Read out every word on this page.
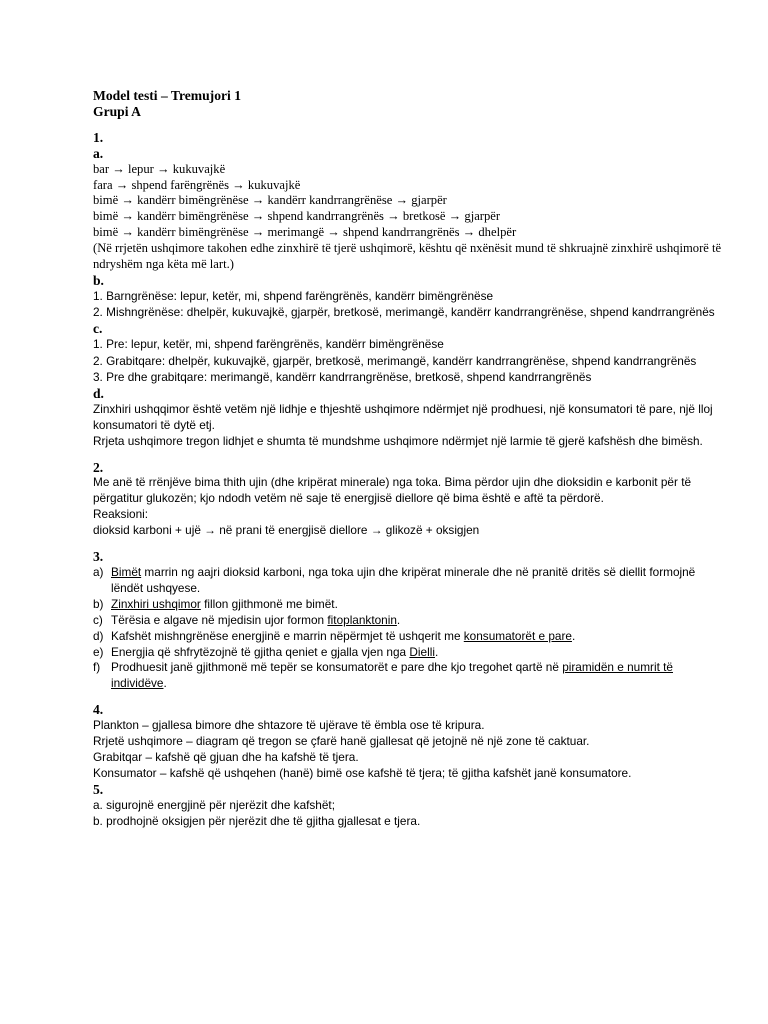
Model testi – Tremujori 1
Grupi A
1.
a.
bar → lepur → kukuvajkë
fara → shpend farëngrënës → kukuvajkë
bimë → kandërr bimëngrënëse → kandërr kandrrangrënëse → gjarpër
bimë → kandërr bimëngrënëse → shpend kandrrangrënës → bretkosë → gjarpër
bimë → kandërr bimëngrënëse → merimangë → shpend kandrrangrënës → dhelpër
(Në rrjetën ushqimore takohen edhe zinxhirë të tjerë ushqimorë, kështu që nxënësit mund të shkruajnë zinxhirë ushqimorë të ndryshëm nga këta më lart.)
b.
1. Barngrënëse: lepur, ketër, mi, shpend farëngrënës, kandërr bimëngrënëse
2. Mishngrënëse: dhelpër, kukuvajkë, gjarpër, bretkosë, merimangë, kandërr kandrrangrënëse, shpend kandrrangrënës
c.
1. Pre: lepur, ketër, mi, shpend farëngrënës, kandërr bimëngrënëse
2. Grabitqare: dhelpër, kukuvajkë, gjarpër, bretkosë, merimangë, kandërr kandrrangrënëse, shpend kandrrangrënës
3. Pre dhe grabitqare: merimangë, kandërr kandrrangrënëse, bretkosë, shpend kandrrangrënës
d.
Zinxhiri ushqqimor është vetëm një lidhje e thjeshtë ushqimore ndërmjet një prodhuesi, një konsumatori të pare, një lloj konsumatori të dytë etj.
Rrjeta ushqimore tregon lidhjet e shumta të mundshme ushqimore ndërmjet një larmie të gjerë kafshësh dhe bimësh.
2.
Me anë të rrënjëve bima thith ujin (dhe kripërat minerale) nga toka. Bima përdor ujin dhe dioksidin e karbonit për të përgatitur glukozën; kjo ndodh vetëm në saje të energjisë diellore që bima është e aftë ta përdorë.
Reaksioni:
dioksid karboni + ujë → në prani të energjisë diellore → glikozë + oksigjen
3.
a) Bimët marrin ng aajri dioksid karboni, nga toka ujin dhe kripërat minerale dhe në pranitë dritës së diellit formojnë lëndët ushqyese.
b) Zinxhiri ushqimor fillon gjithmonë me bimët.
c) Tërësia e algave në mjedisin ujor formon fitoplanktonin.
d) Kafshët mishngrënëse energjinë e marrin nëpërmjet të ushqerit me konsumatorët e pare.
e) Energjia që shfrytëzojnë të gjitha qeniet e gjalla vjen nga Dielli.
f) Prodhuesit janë gjithmonë më tepër se konsumatorët e pare dhe kjo tregohet qartë në piramidën e numrit të individëve.
4.
Plankton – gjallesa bimore dhe shtazore të ujërave të ëmbla ose të kripura.
Rrjetë ushqimore – diagram që tregon se çfarë hanë gjallesat që jetojnë në një zone të caktuar.
Grabitqar – kafshë që gjuan dhe ha kafshë të tjera.
Konsumator – kafshë që ushqehen (hanë) bimë ose kafshë të tjera; të gjitha kafshët janë konsumatore.
5.
a. sigurojnë energjinë për njerëzit dhe kafshët;
b. prodhojnë oksigjen për njerëzit dhe të gjitha gjallesat e tjera.
